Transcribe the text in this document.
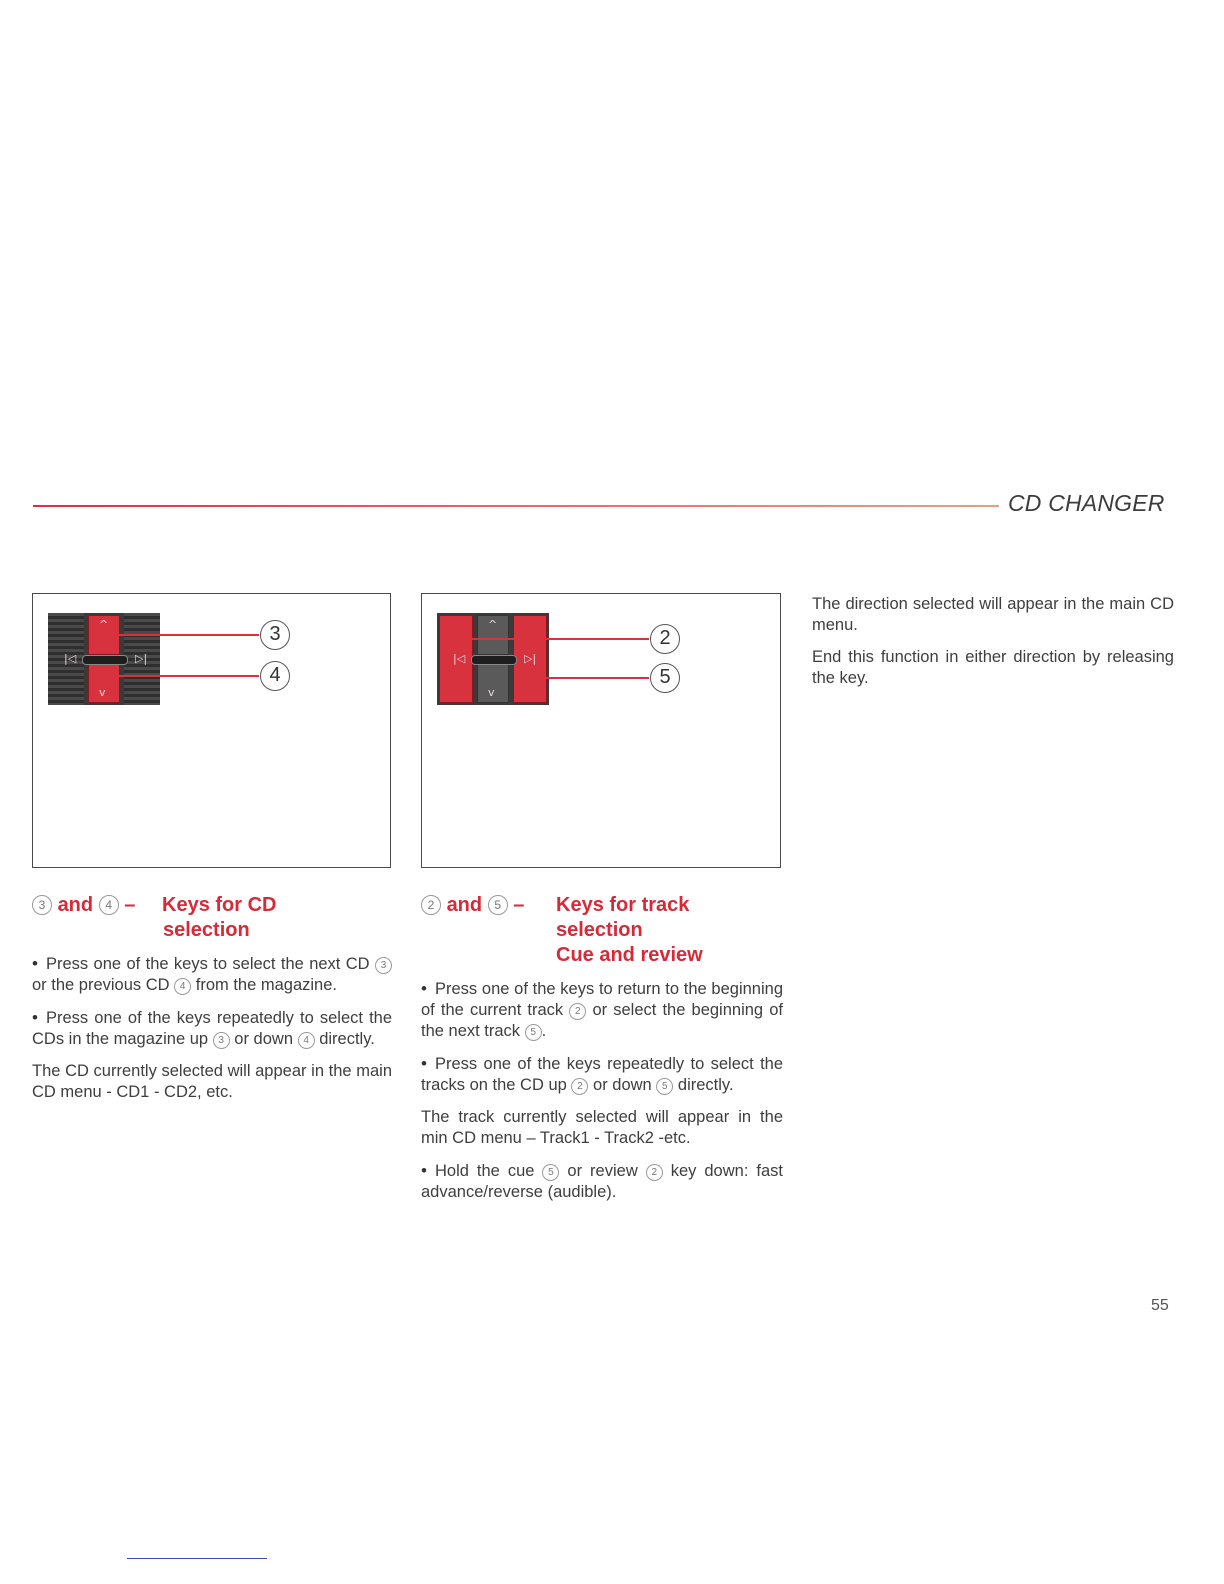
CD CHANGER
^
v
|◁	▷|
3
4
^
v
|◁	▷|
2
5
3 and 4 – Keys for CD
selection

• Press one of the keys to select the next CD 3 or the previous CD 4 from the magazine.

• Press one of the keys repeatedly to select the CDs in the magazine up 3 or down 4 directly.

The CD currently selected will appear in the main CD menu - CD1 - CD2, etc.

2 and 5 – Keys for track
selection
Cue and review

• Press one of the keys to return to the beginning of the current track 2 or select the beginning of the next track 5 .

• Press one of the keys repeatedly to select the tracks on the CD up 2 or down 5 directly.

The track currently selected will appear in the min CD menu – Track1 - Track2 -etc.

• Hold the cue 5 or review 2 key down: fast advance/reverse (audible).

The direction selected will appear in the main CD menu.

End this function in either direction by releasing the key.

55
